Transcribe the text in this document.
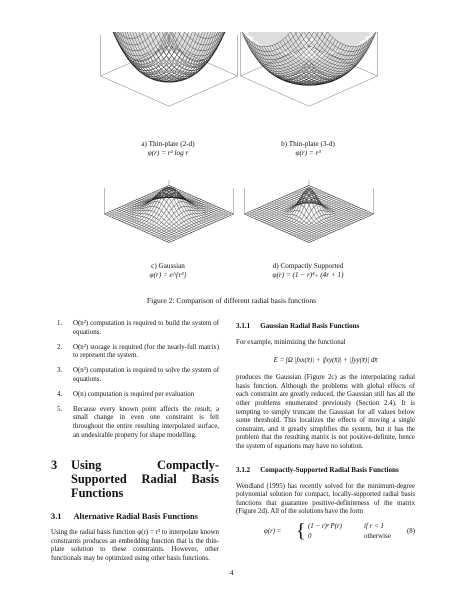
a) Thin-plate (2-d)
φ(r) = r² log r
b) Thin-plate (3-d)
φ(r) = r³
c) Gaussian
φ(r) = e^{r²}
d) Compactly Supported
φ(r) = (1 − r)⁴₊ (4r + 1)
Figure 2: Comparison of different radial basis functions
1. O(n²) computation is required to build the system of equations.
2. O(n²) storage is required (for the nearly-full matrix) to represent the system.
3. O(n³) computation is required to solve the system of equations.
4. O(n) computation is required per evaluation
5. Because every known point affects the result, a small change in even one constraint is felt throughout the entire resulting interpolated surface, an undesirable property for shape modelling.
3 Using Compactly-Supported Radial Basis Functions
3.1 Alternative Radial Basis Functions

Using the radial basis function φ(r) = r³ to interpolate known constraints produces an embedding function that is the thin-plate solution to these constraints. However, other functionals may be optimized using other basis functions.

3.1.1 Gaussian Radial Basis Functions

For example, minimizing the functional

E = ∫Ω |fxx(x̄)| + |fxy(x̄)| + |fyy(x̄)| dx̄

produces the Gaussian (Figure 2c) as the interpolating radial basis function. Although the problems with global effects of each constraint are greatly reduced, the Gaussian still has all the other problems enumerated previously (Section 2.4). It is tempting to simply truncate the Gaussian for all values below some threshold. This localizes the effects of moving a single constraint, and it greatly simplifies the system, but it has the problem that the resulting matrix is not positive-definite, hence the system of equations may have no solution.

3.1.2 Compactly-Supported Radial Basis Functions

Wendland (1995) has recently solved for the minimum-degree polynomial solution for compact, locally-supported radial basis functions that guarantee positive-definiteness of the matrix (Figure 2d). All of the solutions have the form

φ(r) = { (1 − r)ᵖ P(r)	if r < 1
0	otherwise
(8)
4
